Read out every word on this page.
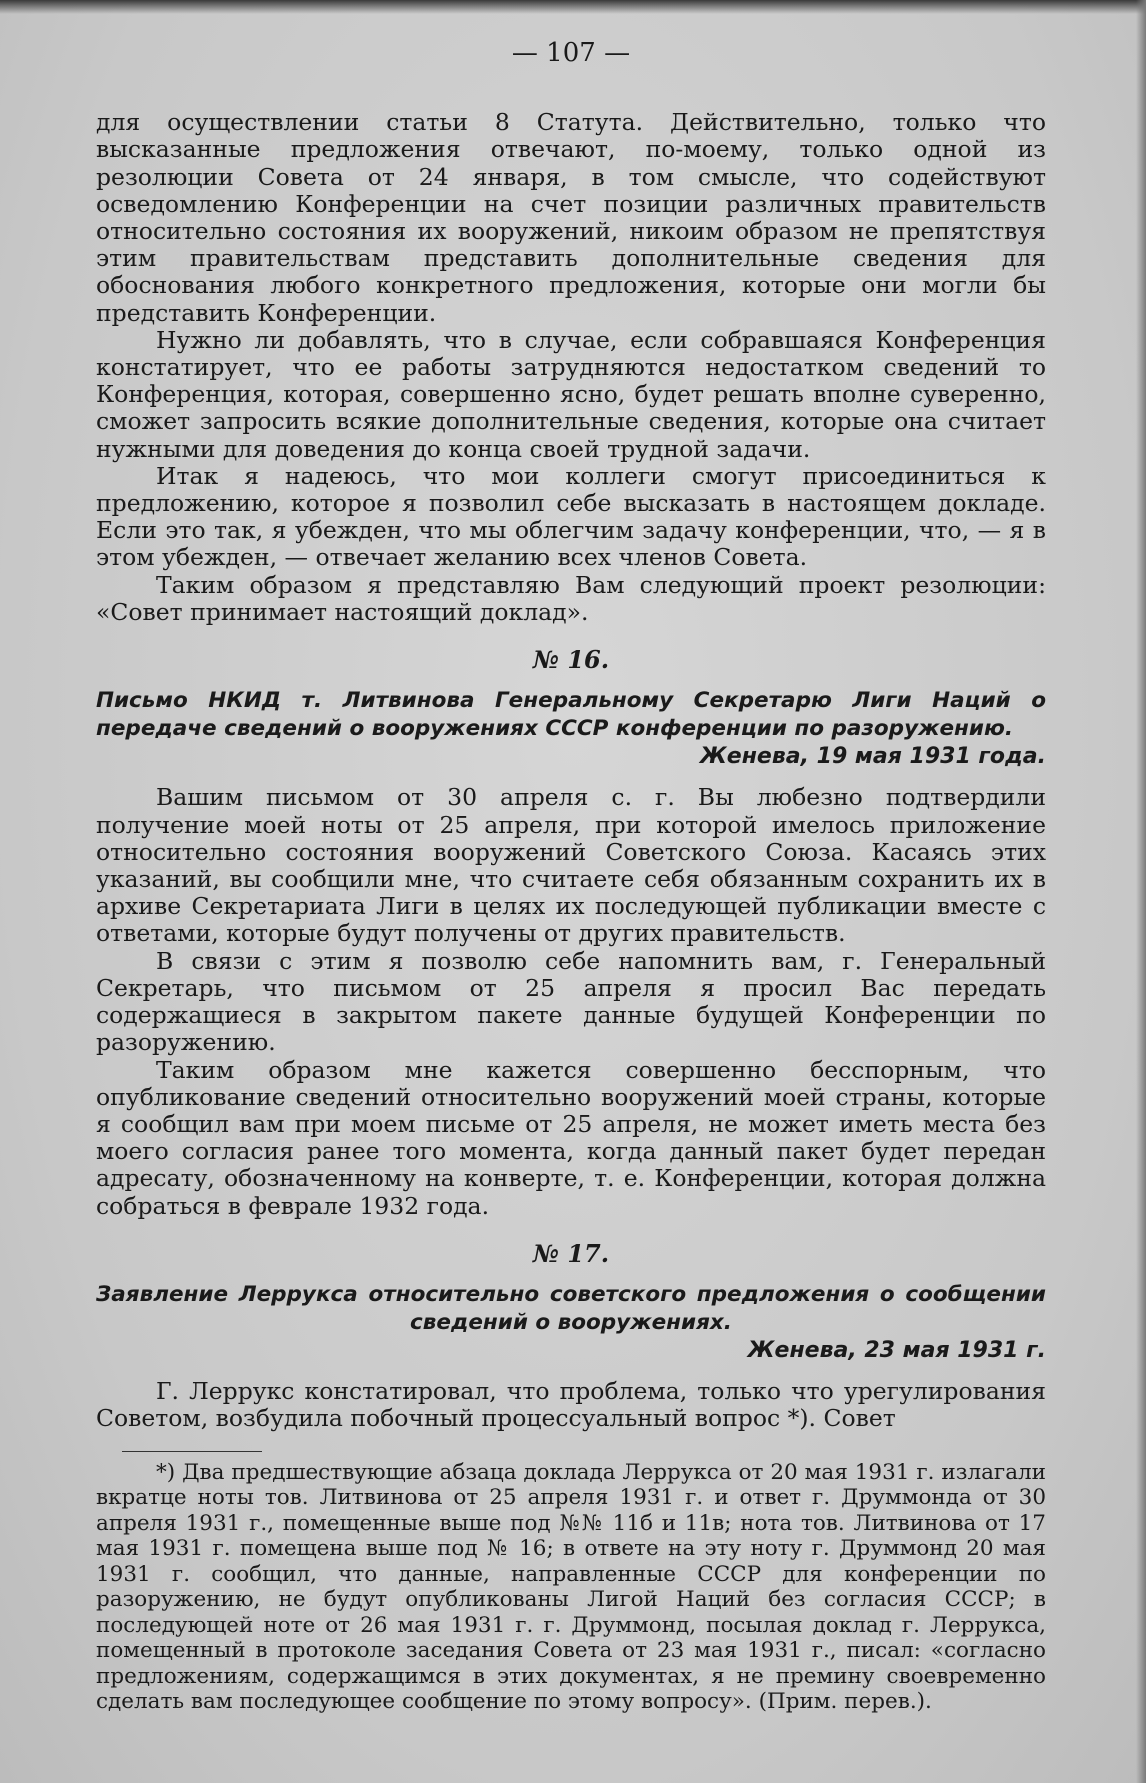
— 107 —

для осуществлении статьи 8 Статута. Действительно, только что высказанные предложения отвечают, по-моему, только одной из резолюции Совета от 24 января, в том смысле, что содействуют осведомлению Конференции на счет позиции различных правительств относительно состояния их вооружений, никоим образом не препятствуя этим правительствам представить дополнительные сведения для обоснования любого конкретного предложения, которые они могли бы представить Конференции.

Нужно ли добавлять, что в случае, если собравшаяся Конференция констатирует, что ее работы затрудняются недостатком сведений то Конференция, которая, совершенно ясно, будет решать вполне суверенно, сможет запросить всякие дополнительные сведения, которые она считает нужными для доведения до конца своей трудной задачи.

Итак я надеюсь, что мои коллеги смогут присоединиться к предложению, которое я позволил себе высказать в настоящем докладе. Если это так, я убежден, что мы облегчим задачу конференции, что, — я в этом убежден, — отвечает желанию всех членов Совета.

Таким образом я представляю Вам следующий проект резолюции: «Совет принимает настоящий доклад».

№ 16.
Письмо НКИД т. Литвинова Генеральному Секретарю Лиги Наций о передаче сведений о вооружениях СССР конференции по разоружению.
Женева, 19 мая 1931 года.

Вашим письмом от 30 апреля с. г. Вы любезно подтвердили получение моей ноты от 25 апреля, при которой имелось приложение относительно состояния вооружений Советского Союза. Касаясь этих указаний, вы сообщили мне, что считаете себя обязанным сохранить их в архиве Секретариата Лиги в целях их последующей публикации вместе с ответами, которые будут получены от других правительств.

В связи с этим я позволю себе напомнить вам, г. Генеральный Секретарь, что письмом от 25 апреля я просил Вас передать содержащиеся в закрытом пакете данные будущей Конференции по разоружению.

Таким образом мне кажется совершенно бесспорным, что опубликование сведений относительно вооружений моей страны, которые я сообщил вам при моем письме от 25 апреля, не может иметь места без моего согласия ранее того момента, когда данный пакет будет передан адресату, обозначенному на конверте, т. е. Конференции, которая должна собраться в феврале 1932 года.

№ 17.
Заявление Леррукса относительно советского предложения о сообщении сведений о вооружениях.
Женева, 23 мая 1931 г.

Г. Леррукс констатировал, что проблема, только что урегулирования Советом, возбудила побочный процессуальный вопрос *). Совет

*) Два предшествующие абзаца доклада Леррукса от 20 мая 1931 г. излагали вкратце ноты тов. Литвинова от 25 апреля 1931 г. и ответ г. Друммонда от 30 апреля 1931 г., помещенные выше под №№ 11б и 11в; нота тов. Литвинова от 17 мая 1931 г. помещена выше под № 16; в ответе на эту ноту г. Друммонд 20 мая 1931 г. сообщил, что данные, направленные СССР для конференции по разоружению, не будут опубликованы Лигой Наций без согласия СССР; в последующей ноте от 26 мая 1931 г. г. Друммонд, посылая доклад г. Леррукса, помещенный в протоколе заседания Совета от 23 мая 1931 г., писал: «согласно предложениям, содержащимся в этих документах, я не премину своевременно сделать вам последующее сообщение по этому вопросу». (Прим. перев.).
